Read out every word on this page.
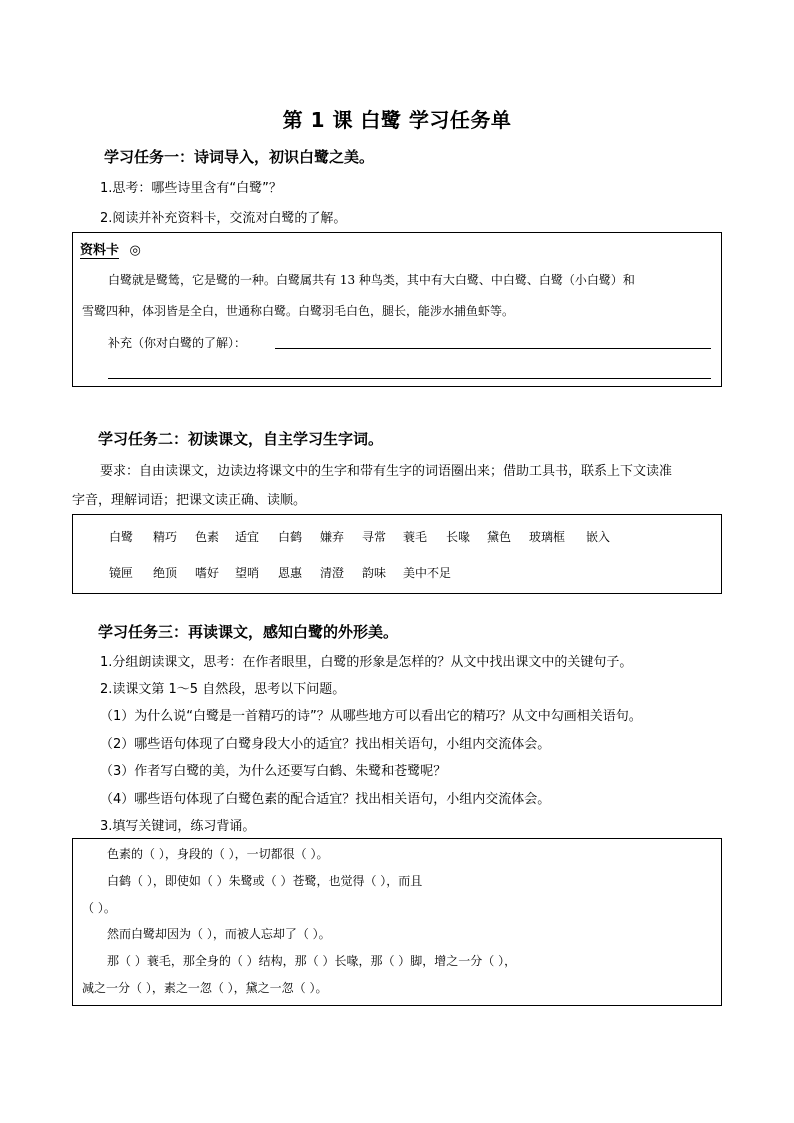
第 1 课 白鹭 学习任务单
学习任务一：诗词导入，初识白鹭之美。
1.思考：哪些诗里含有“白鹭”？
2.阅读并补充资料卡，交流对白鹭的了解。
资料卡 ◎
白鹭就是鹭鸶，它是鹭的一种。白鹭属共有 13 种鸟类，其中有大白鹭、中白鹭、白鹭（小白鹭）和
雪鹭四种，体羽皆是全白，世通称白鹭。白鹭羽毛白色，腿长，能涉水捕鱼虾等。
补充（你对白鹭的了解）：
学习任务二：初读课文，自主学习生字词。
要求：自由读课文，边读边将课文中的生字和带有生字的词语圈出来；借助工具书，联系上下文读准
字音，理解词语；把课文读正确、读顺。
白鹭 精巧 色素 适宜 白鹤 嫌弃 寻常 蓑毛 长喙 黛色 玻璃框 嵌入
镜匣 绝顶 嗜好 望哨 恩惠 清澄 韵味 美中不足
学习任务三：再读课文，感知白鹭的外形美。
1.分组朗读课文，思考：在作者眼里，白鹭的形象是怎样的？从文中找出课文中的关键句子。
2.读课文第 1～5 自然段，思考以下问题。
（1）为什么说“白鹭是一首精巧的诗”？从哪些地方可以看出它的精巧？从文中勾画相关语句。
（2）哪些语句体现了白鹭身段大小的适宜？找出相关语句，小组内交流体会。
（3）作者写白鹭的美，为什么还要写白鹤、朱鹭和苍鹭呢？
（4）哪些语句体现了白鹭色素的配合适宜？找出相关语句，小组内交流体会。
3.填写关键词，练习背诵。
色素的（ ），身段的（ ），一切都很（ ）。
白鹤（ ），即使如（ ）朱鹭或（ ）苍鹭，也觉得（ ），而且
（ ）。
然而白鹭却因为（ ），而被人忘却了（ ）。
那（ ）蓑毛，那全身的（ ）结构，那（ ）长喙，那（ ）脚，增之一分（ ），
减之一分（ ），素之一忽（ ），黛之一忽（ ）。
